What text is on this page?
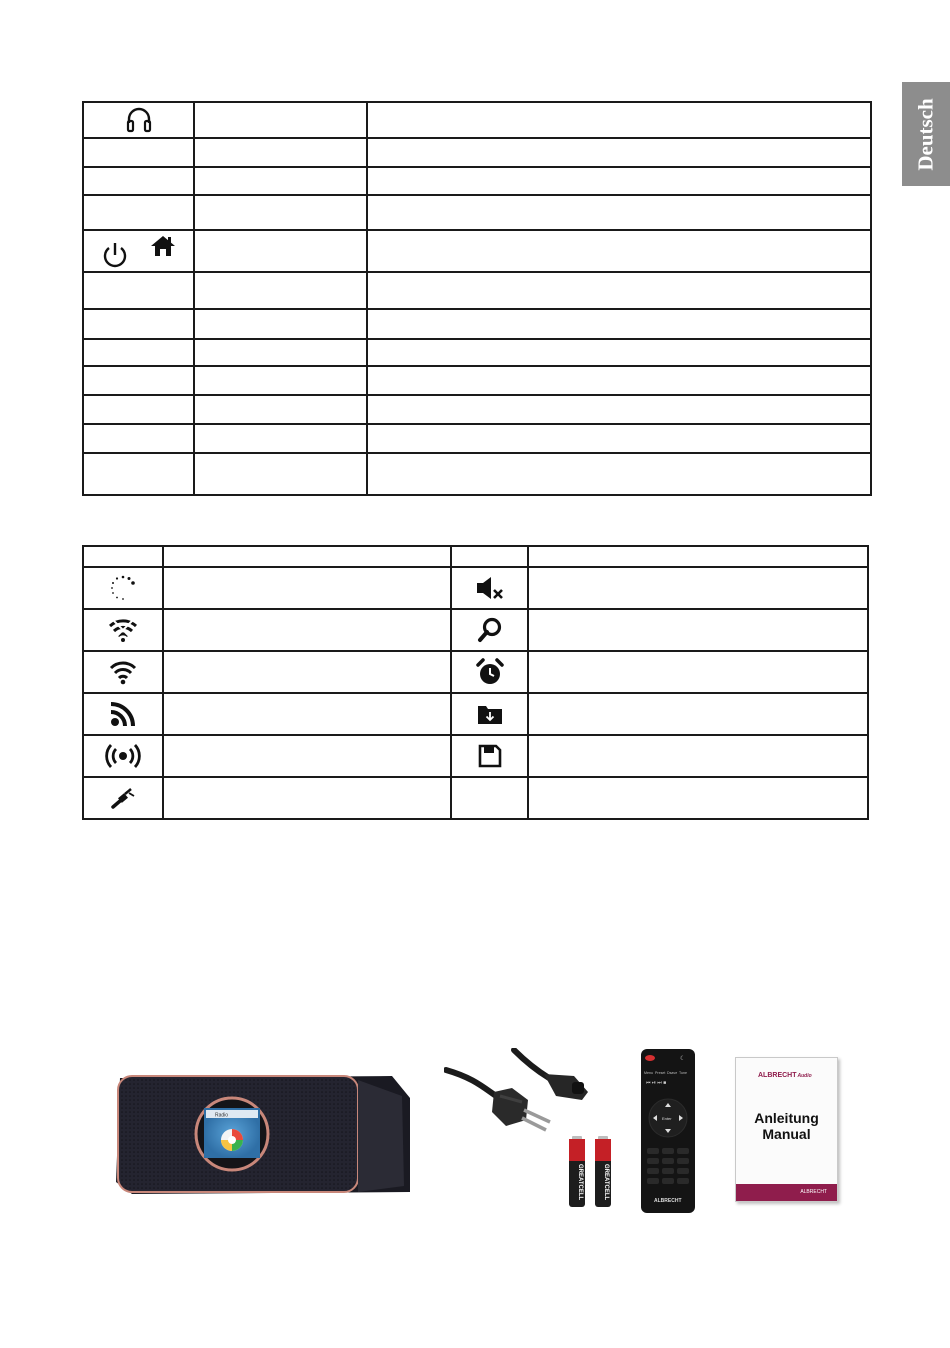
Deutsch

Radio
GREATCELL	GREATCELL
☾
Menu Preset Dsave Tune
⏮ ⏯ ⏭ ■
Enter
ALBRECHT
ALBRECHTAudio
Anleitung
Manual
ALBRECHT
